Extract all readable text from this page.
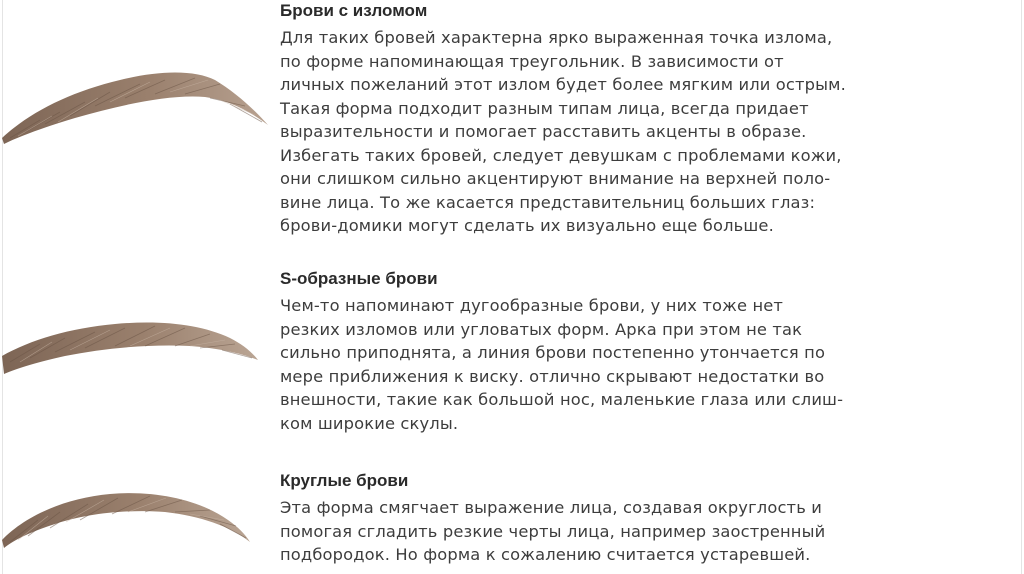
Брови с изломом
Для таких бровей характерна ярко выраженная точка излома,
по форме напоминающая треугольник. В зависимости от
личных пожеланий этот излом будет более мягким или острым.
Такая форма подходит разным типам лица, всегда придает
выразительности и помогает расставить акценты в образе.
Избегать таких бровей, следует девушкам с проблемами кожи,
они слишком сильно акцентируют внимание на верхней поло-
вине лица. То же касается представительниц больших глаз:
брови-домики могут сделать их визуально еще больше.
S-образные брови
Чем-то напоминают дугообразные брови, у них тоже нет
резких изломов или угловатых форм. Арка при этом не так
сильно приподнята, а линия брови постепенно утончается по
мере приближения к виску. отлично скрывают недостатки во
внешности, такие как большой нос, маленькие глаза или слиш-
ком широкие скулы.
Круглые брови
Эта форма смягчает выражение лица, создавая округлость и
помогая сгладить резкие черты лица, например заостренный
подбородок. Но форма к сожалению считается устаревшей.
